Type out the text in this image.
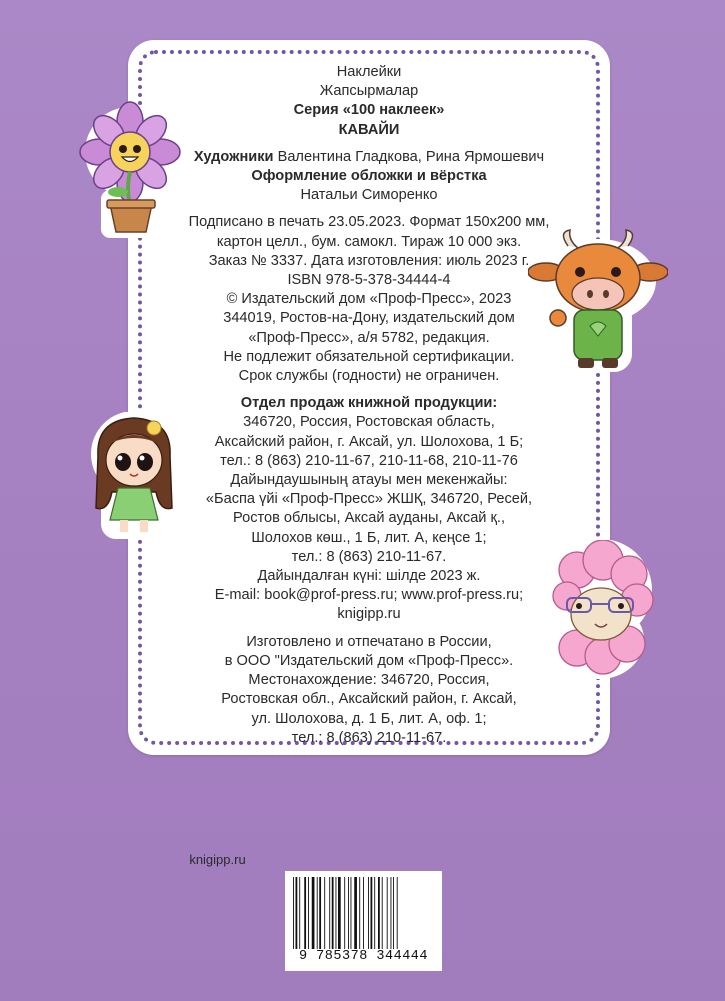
Наклейки
Жапсырмалар
Серия «100 наклеек»
КАВАЙИ
Художники Валентина Гладкова, Рина Ярмошевич
Оформление обложки и вёрстка
Натальи Симоренко
Подписано в печать 23.05.2023. Формат 150х200 мм,
картон целл., бум. самокл. Тираж 10 000 экз.
Заказ № 3337. Дата изготовления: июль 2023 г.
ISBN 978-5-378-34444-4
© Издательский дом «Проф-Пресс», 2023
344019, Ростов-на-Дону, издательский дом
«Проф-Пресс», а/я 5782, редакция.
Не подлежит обязательной сертификации.
Срок службы (годности) не ограничен.
Отдел продаж книжной продукции:
346720, Россия, Ростовская область,
Аксайский район, г. Аксай, ул. Шолохова, 1 Б;
тел.: 8 (863) 210-11-67, 210-11-68, 210-11-76
Дайындаушының атауы мен мекенжайы:
«Баспа үйі «Проф-Пресс» ЖШҚ, 346720, Ресей,
Ростов облысы, Аксай ауданы, Аксай қ.,
Шолохов көш., 1 Б, лит. А, кеңсе 1;
тел.: 8 (863) 210-11-67.
Дайындалған күні: шілде 2023 ж.
E-mail: book@prof-press.ru; www.prof-press.ru;
knigipp.ru
Изготовлено и отпечатано в России,
в ООО "Издательский дом «Проф-Пресс».
Местонахождение: 346720, Россия,
Ростовская обл., Аксайский район, г. Аксай,
ул. Шолохова, д. 1 Б, лит. А, оф. 1;
тел.: 8 (863) 210-11-67.
knigipp.ru
9 785378 344444
